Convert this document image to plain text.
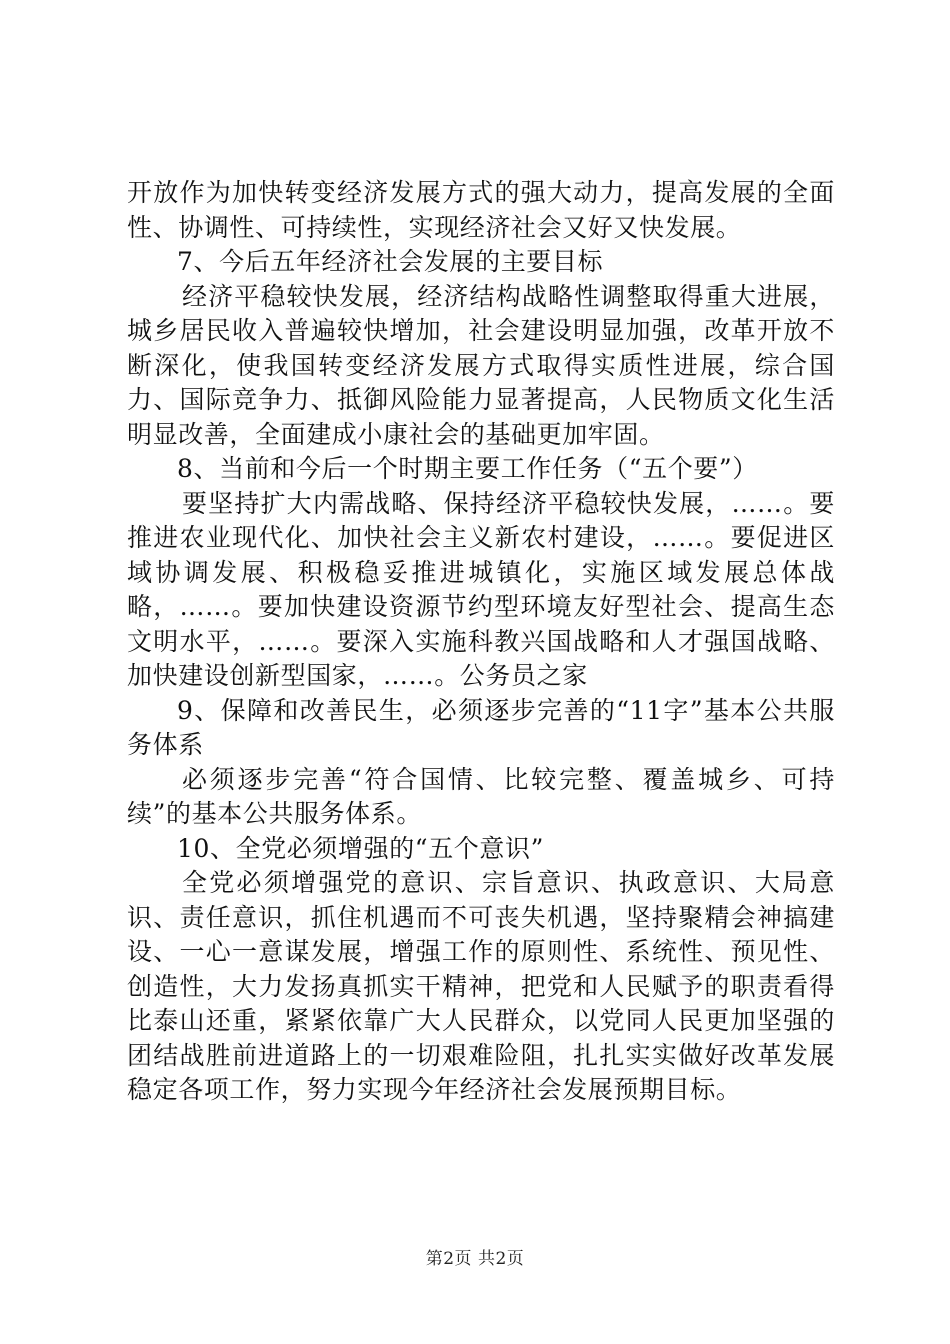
开放作为加快转变经济发展方式的强大动力，提高发展的全面性、协调性、可持续性，实现经济社会又好又快发展。

7、今后五年经济社会发展的主要目标

经济平稳较快发展，经济结构战略性调整取得重大进展，城乡居民收入普遍较快增加，社会建设明显加强，改革开放不断深化，使我国转变经济发展方式取得实质性进展，综合国力、国际竞争力、抵御风险能力显著提高，人民物质文化生活明显改善，全面建成小康社会的基础更加牢固。

8、当前和今后一个时期主要工作任务（“五个要”）

要坚持扩大内需战略、保持经济平稳较快发展，……。要推进农业现代化、加快社会主义新农村建设，……。要促进区域协调发展、积极稳妥推进城镇化，实施区域发展总体战略，……。要加快建设资源节约型环境友好型社会、提高生态文明水平，……。要深入实施科教兴国战略和人才强国战略、加快建设创新型国家，……。公务员之家

9、保障和改善民生，必须逐步完善的“11字”基本公共服务体系

必须逐步完善“符合国情、比较完整、覆盖城乡、可持续”的基本公共服务体系。

10、全党必须增强的“五个意识”

全党必须增强党的意识、宗旨意识、执政意识、大局意识、责任意识，抓住机遇而不可丧失机遇，坚持聚精会神搞建设、一心一意谋发展，增强工作的原则性、系统性、预见性、创造性，大力发扬真抓实干精神，把党和人民赋予的职责看得比泰山还重，紧紧依靠广大人民群众，以党同人民更加坚强的团结战胜前进道路上的一切艰难险阻，扎扎实实做好改革发展稳定各项工作，努力实现今年经济社会发展预期目标。

第2页 共2页
